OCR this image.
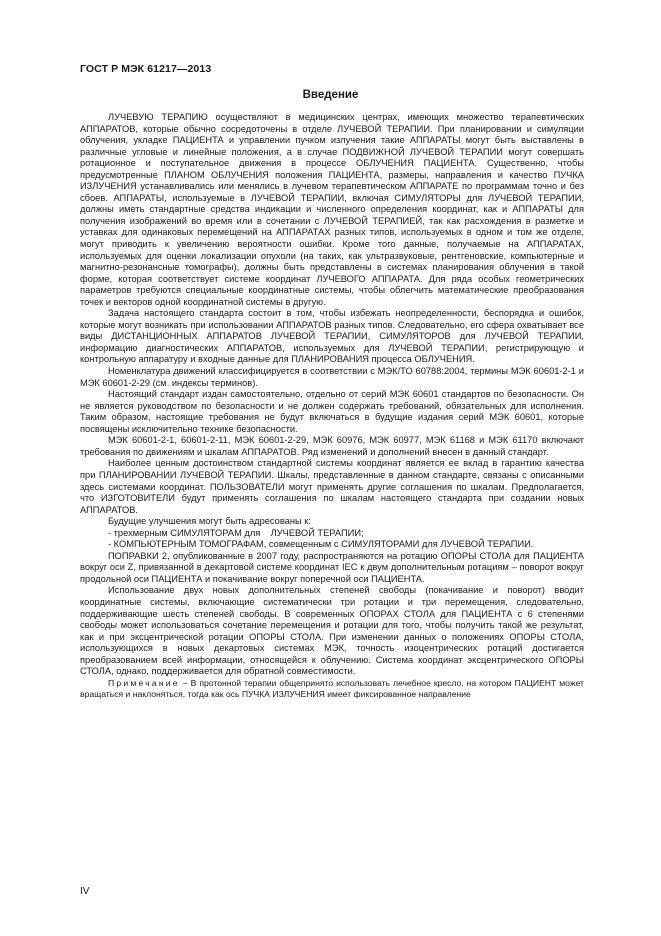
ГОСТ Р МЭК 61217—2013
Введение

ЛУЧЕВУЮ ТЕРАПИЮ осуществляют в медицинских центрах, имеющих множество терапевтических АППАРАТОВ, которые обычно сосредоточены в отделе ЛУЧЕВОЙ ТЕРАПИИ. При планировании и симуляции облучения, укладке ПАЦИЕНТА и управлении пучком излучения такие АППАРАТЫ могут быть выставлены в различные угловые и линейные положения, а в случае ПОДВИЖНОЙ ЛУЧЕВОЙ ТЕРАПИИ могут совершать ротационное и поступательное движения в процессе ОБЛУЧЕНИЯ ПАЦИЕНТА. Существенно, чтобы предусмотренные ПЛАНОМ ОБЛУЧЕНИЯ положения ПАЦИЕНТА, размеры, направления и качество ПУЧКА ИЗЛУЧЕНИЯ устанавливались или менялись в лучевом терапевтическом АППАРАТЕ по программам точно и без сбоев. АППАРАТЫ, используемые в ЛУЧЕВОЙ ТЕРАПИИ, включая СИМУЛЯТОРЫ для ЛУЧЕВОЙ ТЕРАПИИ, должны иметь стандартные средства индикации и численного определения координат, как и АППАРАТЫ для получения изображений во время или в сочетании с ЛУЧЕВОЙ ТЕРАПИЕЙ, так как расхождения в разметке и уставках для одинаковых перемещений на АППАРАТАХ разных типов, используемых в одном и том же отделе, могут приводить к увеличению вероятности ошибки. Кроме того данные, получаемые на АППАРАТАХ, используемых для оценки локализации опухоли (на таких, как ультразвуковые, рентгеновские, компьютерные и магнитно-резонансные томографы), должны быть представлены в системах планирования облучения в такой форме, которая соответствует системе координат ЛУЧЕВОГО АППАРАТА. Для ряда особых геометрических параметров требуются специальные координатные системы, чтобы облегчить математические преобразования точек и векторов одной координатной системы в другую.

Задача настоящего стандарта состоит в том, чтобы избежать неопределенности, беспорядка и ошибок, которые могут возникать при использовании АППАРАТОВ разных типов. Следовательно, его сфера охватывает все виды ДИСТАНЦИОННЫХ АППАРАТОВ ЛУЧЕВОЙ ТЕРАПИИ, СИМУЛЯТОРОВ для ЛУЧЕВОЙ ТЕРАПИИ, информацию диагностических АППАРАТОВ, используемых для ЛУЧЕВОЙ ТЕРАПИИ, регистрирующую и контрольную аппаратуру и входные данные для ПЛАНИРОВАНИЯ процесса ОБЛУЧЕНИЯ.

Номенклатура движений классифицируется в соответствии с МЭК/ТО 60788:2004, термины МЭК 60601-2-1 и МЭК 60601-2-29 (см. индексы терминов).

Настоящий стандарт издан самостоятельно, отдельно от серий МЭК 60601 стандартов по безопасности. Он не является руководством по безопасности и не должен содержать требований, обязательных для исполнения. Таким образом, настоящие требования не будут включаться в будущие издания серий МЭК 60601, которые посвящены исключительно технике безопасности.

МЭК 60601-2-1, 60601-2-11, МЭК 60601-2-29, МЭК 60976, МЭК 60977, МЭК 61168 и МЭК 61170 включают требования по движениям и шкалам АППАРАТОВ. Ряд изменений и дополнений внесен в данный стандарт.

Наиболее ценным достоинством стандартной системы координат является ее вклад в гарантию качества при ПЛАНИРОВАНИИ ЛУЧЕВОЙ ТЕРАПИИ. Шкалы, представленные в данном стандарте, связаны с описанными здесь системами координат. ПОЛЬЗОВАТЕЛИ могут применять другие соглашения по шкалам. Предполагается, что ИЗГОТОВИТЕЛИ будут применять соглашения по шкалам настоящего стандарта при создании новых АППАРАТОВ.

Будущие улучшения могут быть адресованы к:

- трехмерным СИМУЛЯТОРАМ для    ЛУЧЕВОЙ ТЕРАПИИ;

- КОМПЬЮТЕРНЫМ ТОМОГРАФАМ, совмещенным с СИМУЛЯТОРАМИ для ЛУЧЕВОЙ ТЕРАПИИ.

ПОПРАВКИ 2, опубликованные в 2007 году, распространяются на ротацию ОПОРЫ СТОЛА для ПАЦИЕНТА вокруг оси Z, привязанной в декартовой системе координат IEC к двум дополнительным ротациям – поворот вокруг продольной оси ПАЦИЕНТА и покачивание вокруг поперечной оси ПАЦИЕНТА.

Использование двух новых дополнительных степеней свободы (покачивание и поворот) вводит координатные системы, включающие систематически три ротации и три перемещения, следовательно, поддерживающие шесть степеней свободы. В современных ОПОРАХ СТОЛА для ПАЦИЕНТА с 6 степенями свободы может использоваться сочетание перемещения и ротации для того, чтобы получить такой же результат, как и при эксцентрической ротации ОПОРЫ СТОЛА. При изменении данных о положениях ОПОРЫ СТОЛА, использующихся в новых декартовых системах МЭК, точность изоцентрических ротаций достигается преобразованием всей информации, относящейся к облучению. Система координат эксцентрического ОПОРЫ СТОЛА, однако, поддерживается для обратной совместимости.

Примечание − В протонной терапии общепринято использовать лечебное кресло, на котором ПАЦИЕНТ может вращаться и наклоняться, тогда как ось ПУЧКА ИЗЛУЧЕНИЯ имеет фиксированное направление

IV
